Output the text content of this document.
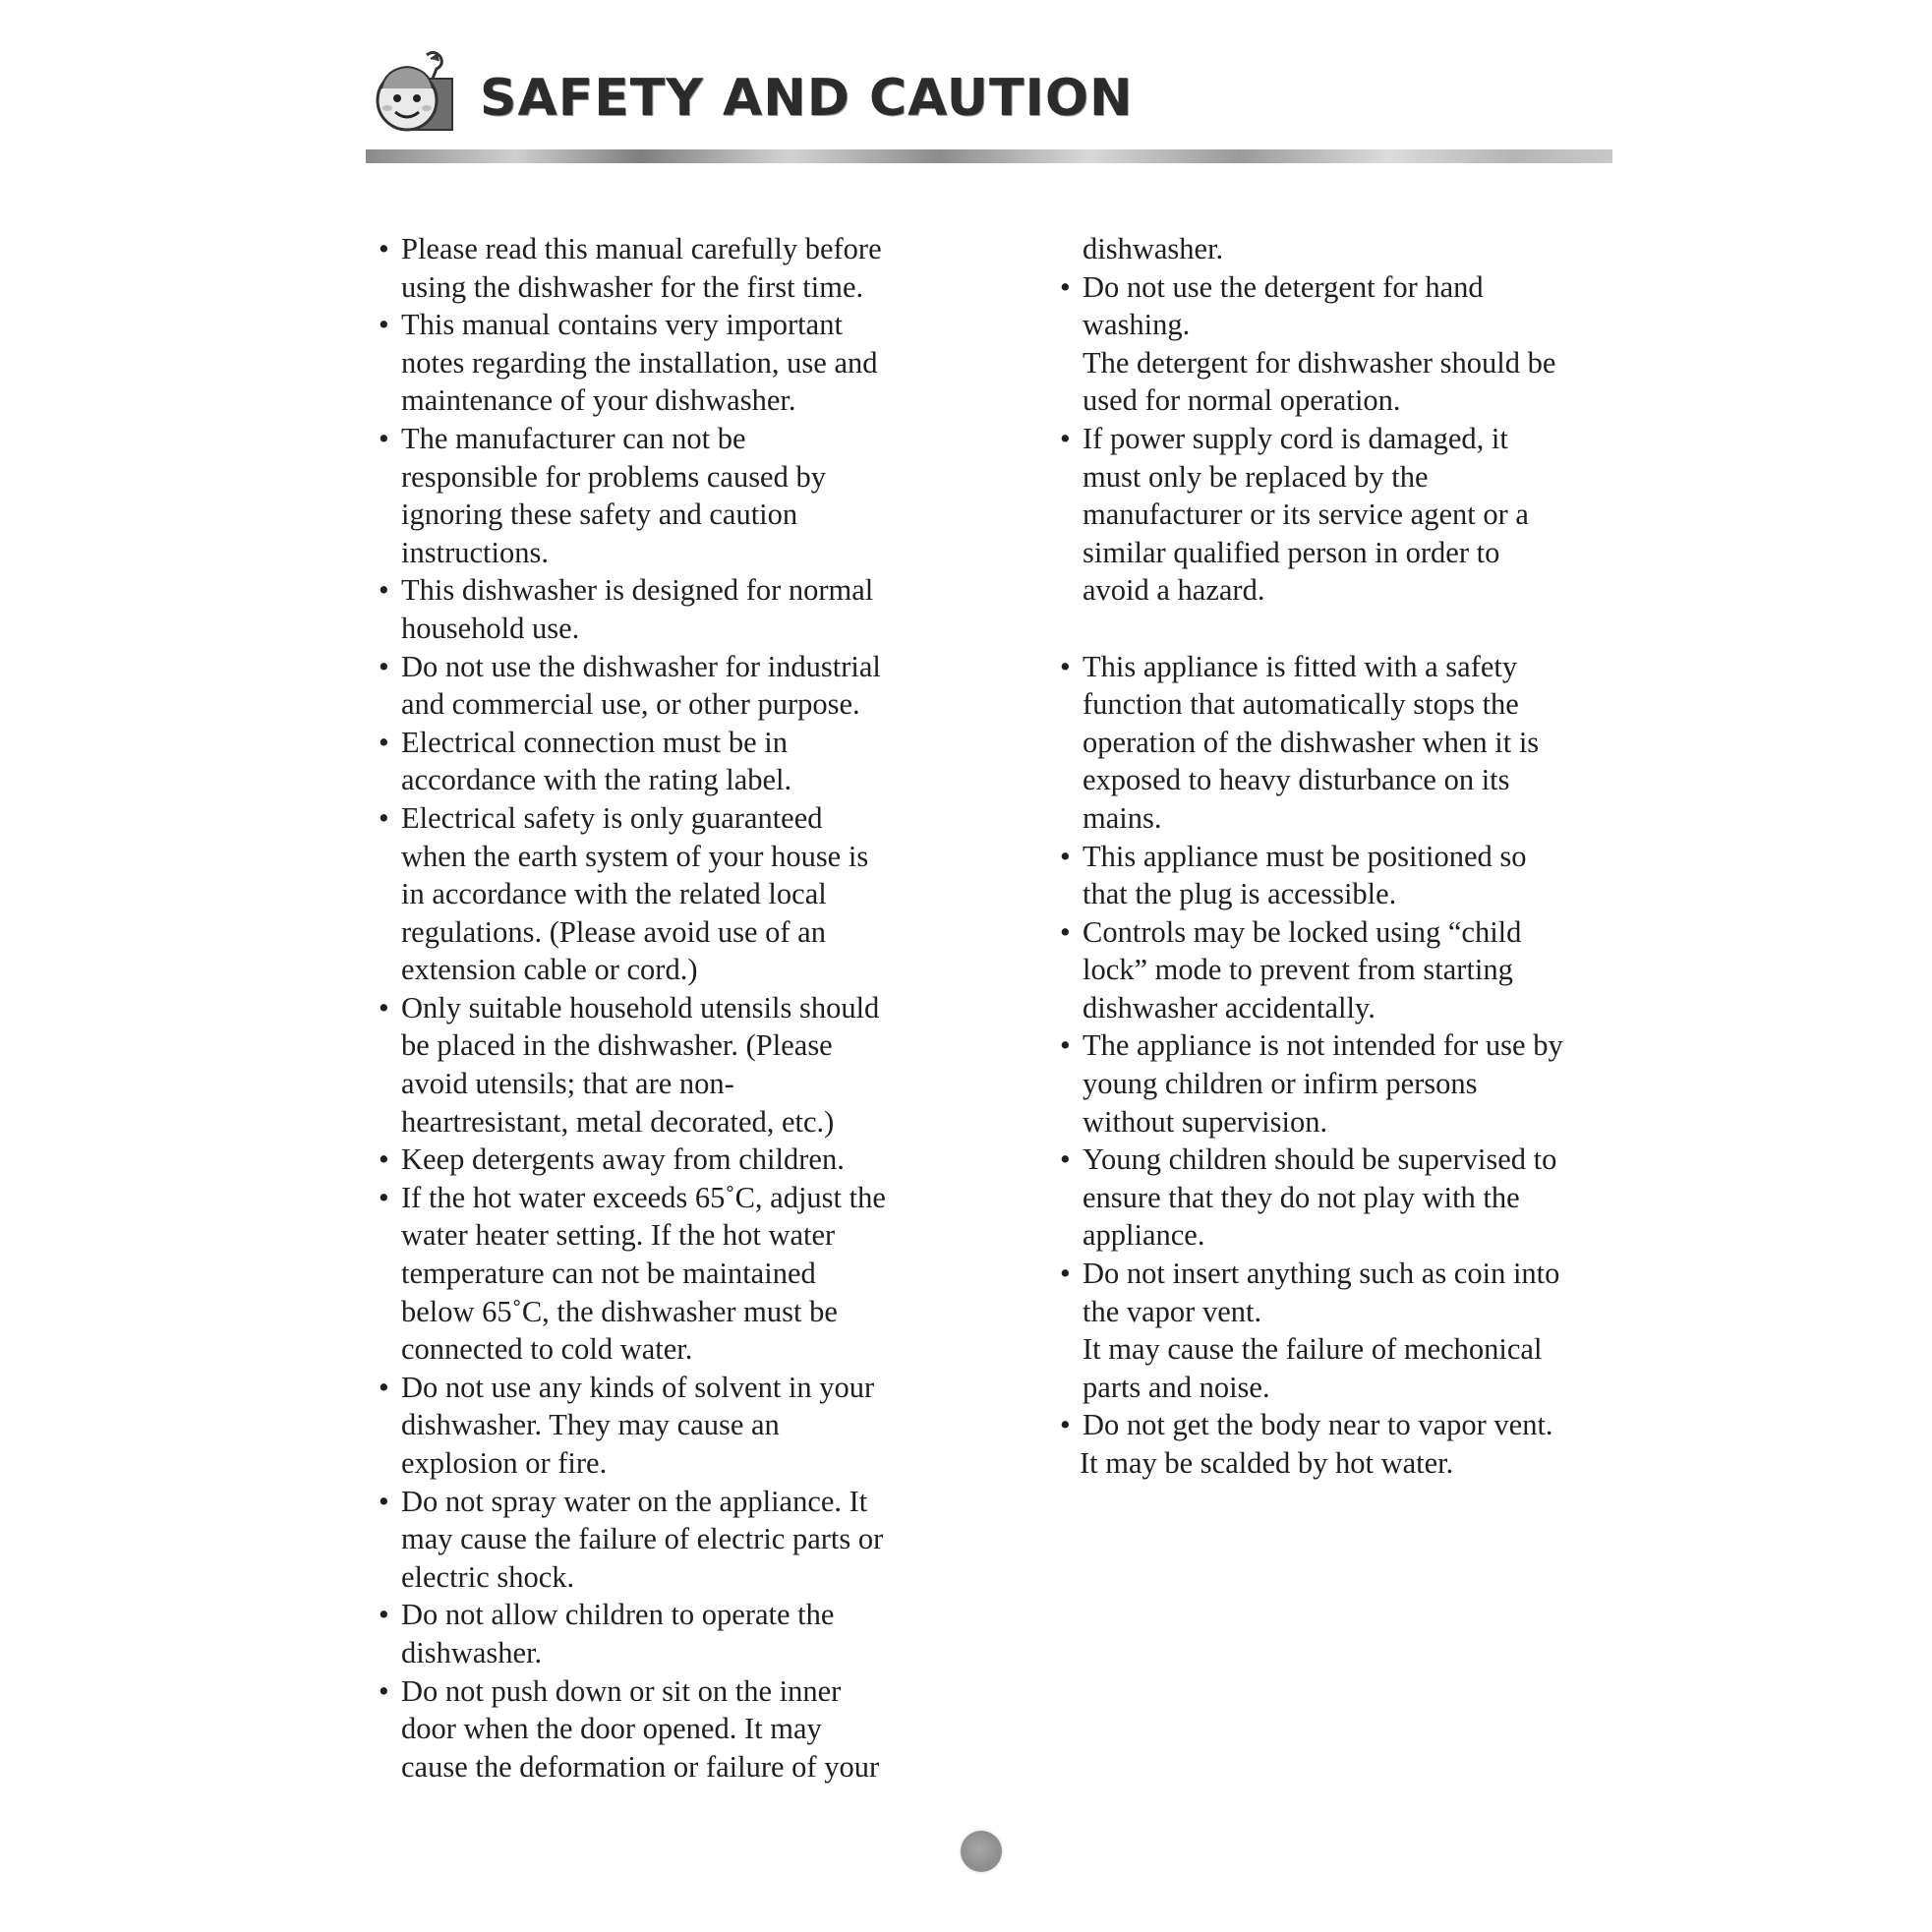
SAFETY AND CAUTION
• Please read this manual carefully before
using the dishwasher for the first time.
• This manual contains very important
notes regarding the installation, use and
maintenance of your dishwasher.
• The manufacturer can not be
responsible for problems caused by
ignoring these safety and caution
instructions.
• This dishwasher is designed for normal
household use.
• Do not use the dishwasher for industrial
and commercial use, or other purpose.
• Electrical connection must be in
accordance with the rating label.
• Electrical safety is only guaranteed
when the earth system of your house is
in accordance with the related local
regulations. (Please avoid use of an
extension cable or cord.)
• Only suitable household utensils should
be placed in the dishwasher. (Please
avoid utensils; that are non-
heartresistant, metal decorated, etc.)
• Keep detergents away from children.
• If the hot water exceeds 65˚C, adjust the
water heater setting. If the hot water
temperature can not be maintained
below 65˚C, the dishwasher must be
connected to cold water.
• Do not use any kinds of solvent in your
dishwasher. They may cause an
explosion or fire.
• Do not spray water on the appliance. It
may cause the failure of electric parts or
electric shock.
• Do not allow children to operate the
dishwasher.
• Do not push down or sit on the inner
door when the door opened. It may
cause the deformation or failure of your
dishwasher.
• Do not use the detergent for hand
washing.
The detergent for dishwasher should be
used for normal operation.
• If power supply cord is damaged, it
must only be replaced by the
manufacturer or its service agent or a
similar qualified person in order to
avoid a hazard.
• This appliance is fitted with a safety
function that automatically stops the
operation of the dishwasher when it is
exposed to heavy disturbance on its
mains.
• This appliance must be positioned so
that the plug is accessible.
• Controls may be locked using “child
lock” mode to prevent from starting
dishwasher accidentally.
• The appliance is not intended for use by
young children or infirm persons
without supervision.
• Young children should be supervised to
ensure that they do not play with the
appliance.
• Do not insert anything such as coin into
the vapor vent.
It may cause the failure of mechonical
parts and noise.
• Do not get the body near to vapor vent.
It may be scalded by hot water.
